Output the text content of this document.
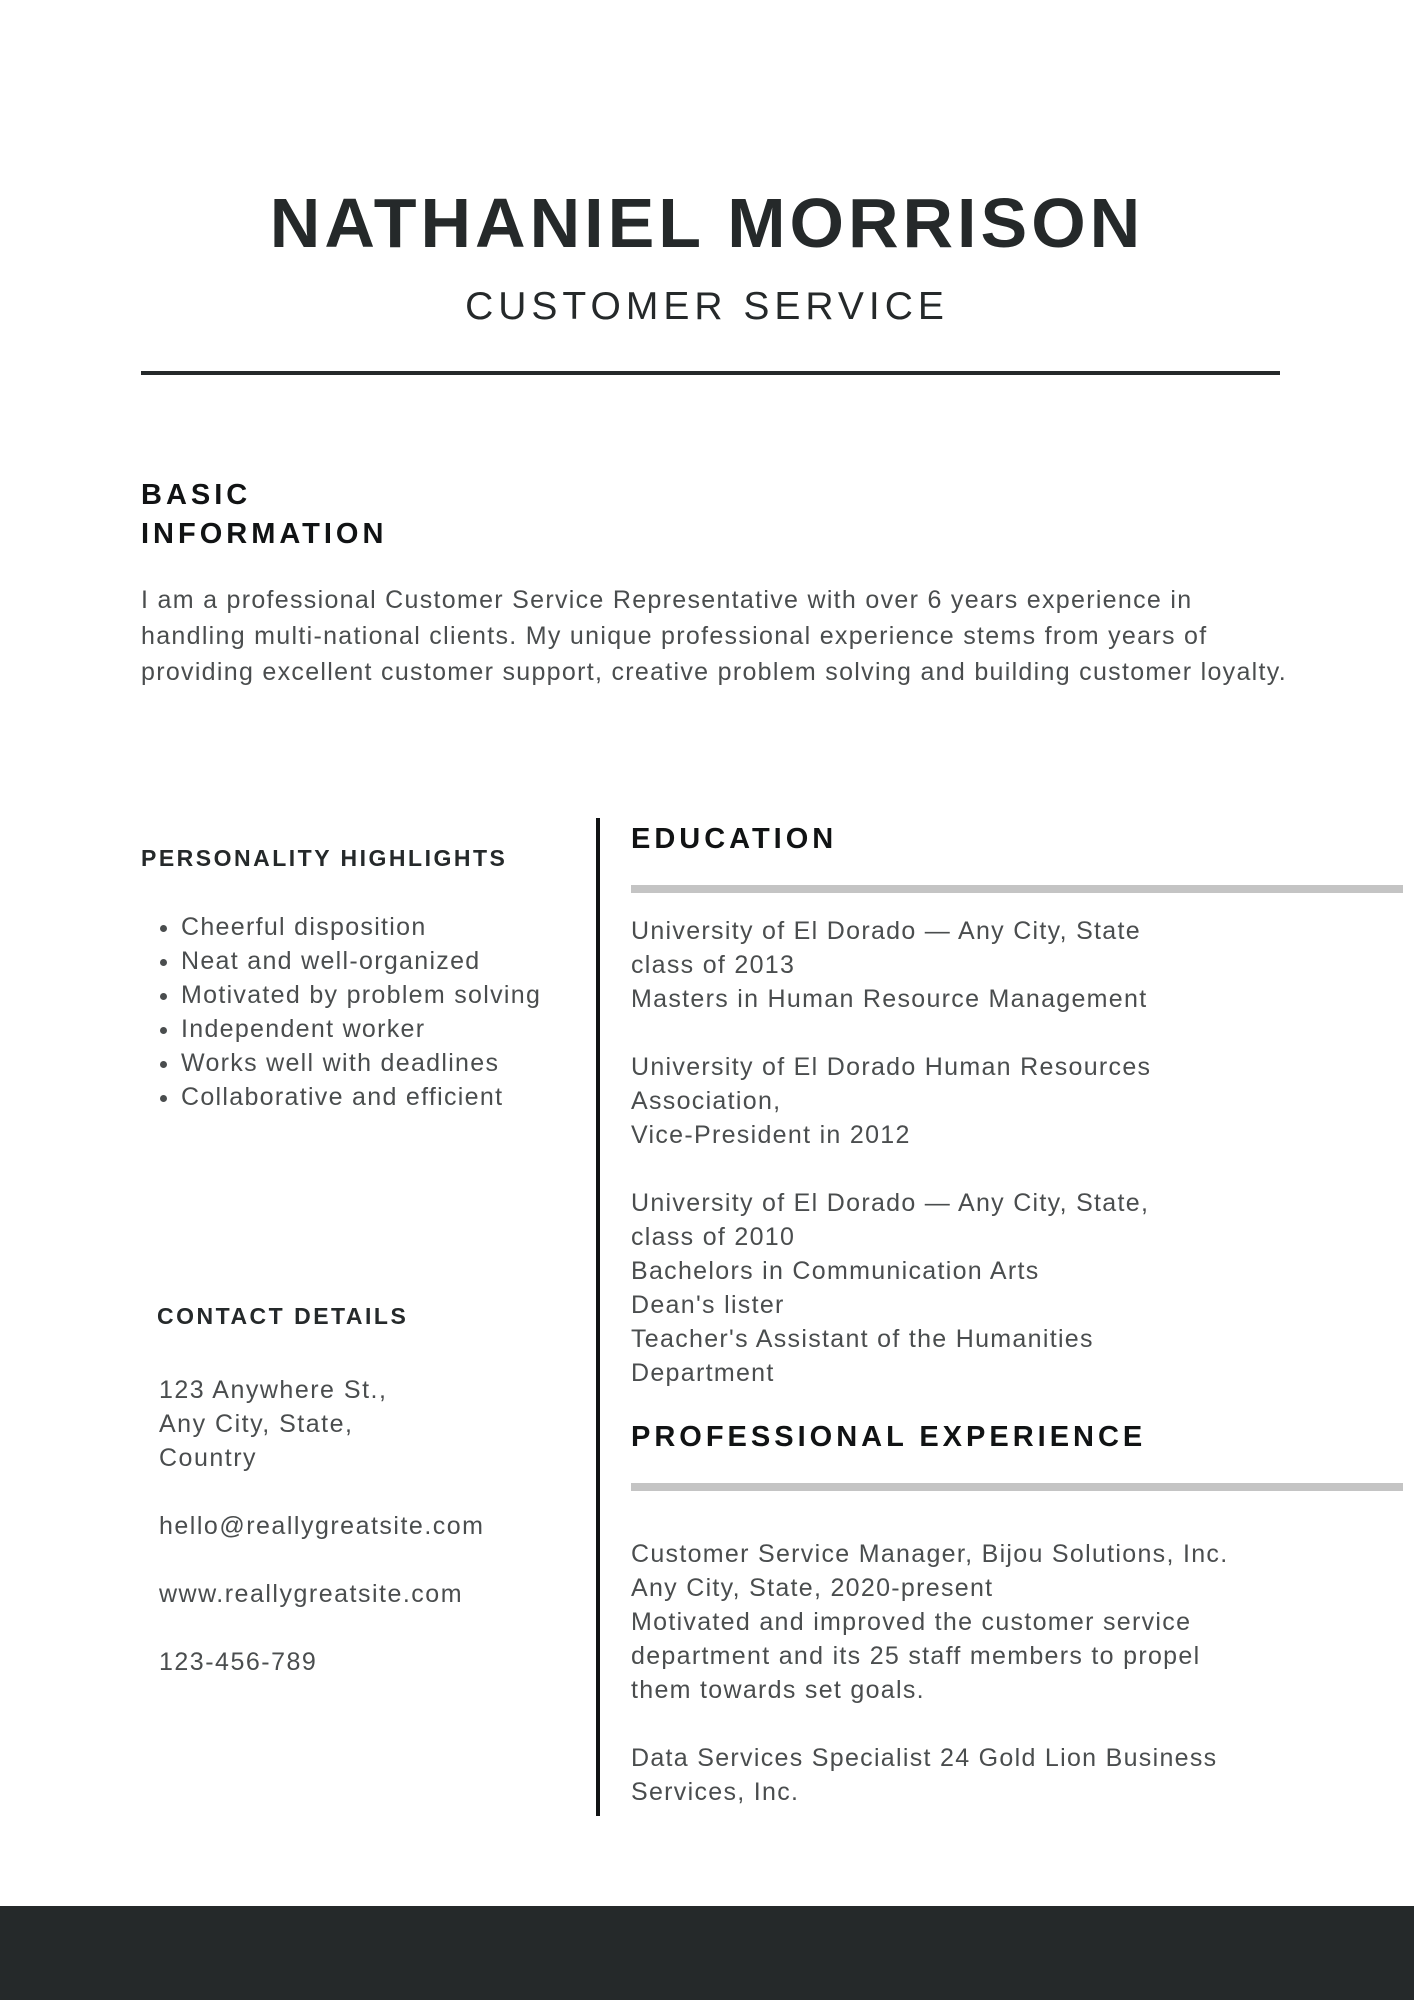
NATHANIEL MORRISON
CUSTOMER SERVICE
BASIC
INFORMATION

I am a professional Customer Service Representative with over 6 years experience in handling multi-national clients. My unique professional experience stems from years of providing excellent customer support, creative problem solving and building customer loyalty.

PERSONALITY HIGHLIGHTS
• Cheerful disposition
• Neat and well-organized
• Motivated by problem solving
• Independent worker
• Works well with deadlines
• Collaborative and efficient
CONTACT DETAILS
123 Anywhere St.,
Any City, State,
Country
hello@reallygreatsite.com
www.reallygreatsite.com
123-456-789
EDUCATION
University of El Dorado — Any City, State
class of 2013
Masters in Human Resource Management
University of El Dorado Human Resources
Association,
Vice-President in 2012
University of El Dorado — Any City, State,
class of 2010
Bachelors in Communication Arts
Dean's lister
Teacher's Assistant of the Humanities
Department
PROFESSIONAL EXPERIENCE
Customer Service Manager, Bijou Solutions, Inc.
Any City, State, 2020-present
Motivated and improved the customer service
department and its 25 staff members to propel
them towards set goals.
Data Services Specialist 24 Gold Lion Business
Services, Inc.
